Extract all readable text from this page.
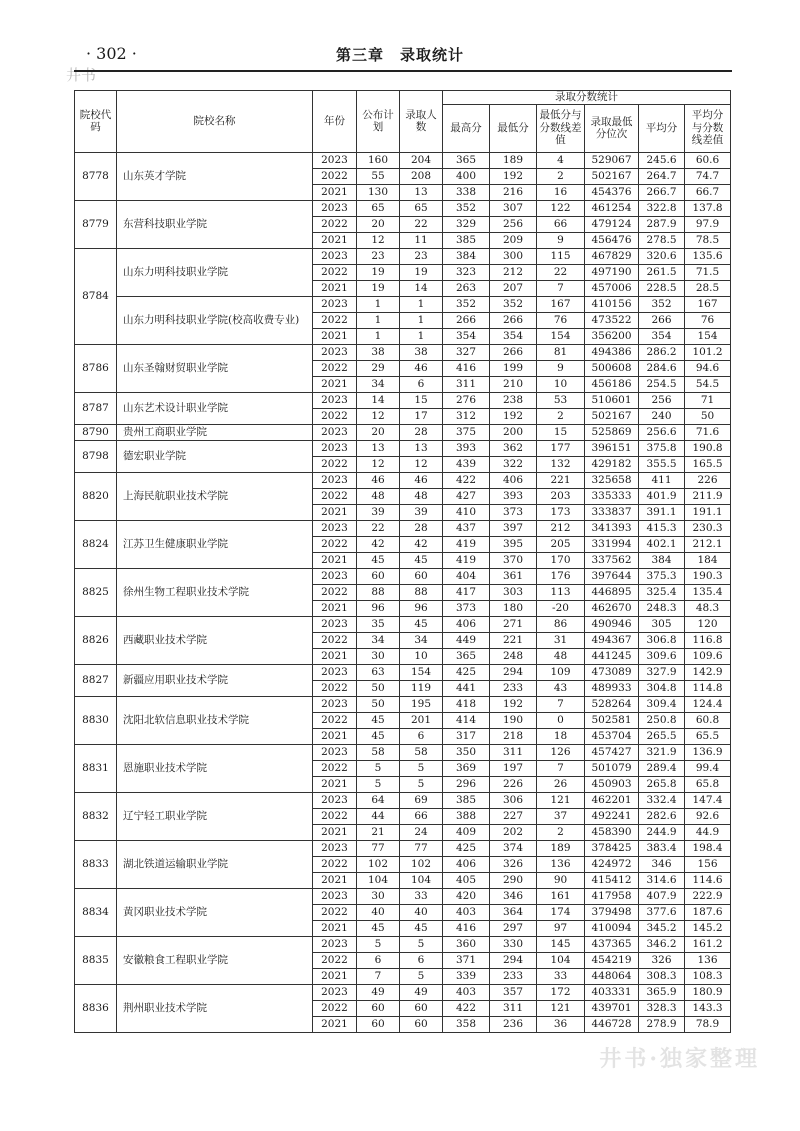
· 302 ·	第三章　录取统计
井书
院校代码	院校名称	年份	公布计划	录取人数	录取分数统计					
					最高分	最低分	最低分与分数线差值	录取最低分位次	平均分	平均分与分数线差值
8778	山东英才学院	2023	160	204	365	189	4	529067	245.6	60.6
		2022	55	208	400	192	2	502167	264.7	74.7
		2021	130	13	338	216	16	454376	266.7	66.7
8779	东营科技职业学院	2023	65	65	352	307	122	461254	322.8	137.8
		2022	20	22	329	256	66	479124	287.9	97.9
		2021	12	11	385	209	9	456476	278.5	78.5
8784	山东力明科技职业学院	2023	23	23	384	300	115	467829	320.6	135.6
		2022	19	19	323	212	22	497190	261.5	71.5
		2021	19	14	263	207	7	457006	228.5	28.5
	山东力明科技职业学院(校高收费专业)	2023	1	1	352	352	167	410156	352	167
		2022	1	1	266	266	76	473522	266	76
		2021	1	1	354	354	154	356200	354	154
8786	山东圣翰财贸职业学院	2023	38	38	327	266	81	494386	286.2	101.2
		2022	29	46	416	199	9	500608	284.6	94.6
		2021	34	6	311	210	10	456186	254.5	54.5
8787	山东艺术设计职业学院	2023	14	15	276	238	53	510601	256	71
		2022	12	17	312	192	2	502167	240	50
8790	贵州工商职业学院	2023	20	28	375	200	15	525869	256.6	71.6
8798	德宏职业学院	2023	13	13	393	362	177	396151	375.8	190.8
		2022	12	12	439	322	132	429182	355.5	165.5
8820	上海民航职业技术学院	2023	46	46	422	406	221	325658	411	226
		2022	48	48	427	393	203	335333	401.9	211.9
		2021	39	39	410	373	173	333837	391.1	191.1
8824	江苏卫生健康职业学院	2023	22	28	437	397	212	341393	415.3	230.3
		2022	42	42	419	395	205	331994	402.1	212.1
		2021	45	45	419	370	170	337562	384	184
8825	徐州生物工程职业技术学院	2023	60	60	404	361	176	397644	375.3	190.3
		2022	88	88	417	303	113	446895	325.4	135.4
		2021	96	96	373	180	-20	462670	248.3	48.3
8826	西藏职业技术学院	2023	35	45	406	271	86	490946	305	120
		2022	34	34	449	221	31	494367	306.8	116.8
		2021	30	10	365	248	48	441245	309.6	109.6
8827	新疆应用职业技术学院	2023	63	154	425	294	109	473089	327.9	142.9
		2022	50	119	441	233	43	489933	304.8	114.8
8830	沈阳北软信息职业技术学院	2023	50	195	418	192	7	528264	309.4	124.4
		2022	45	201	414	190	0	502581	250.8	60.8
		2021	45	6	317	218	18	453704	265.5	65.5
8831	恩施职业技术学院	2023	58	58	350	311	126	457427	321.9	136.9
		2022	5	5	369	197	7	501079	289.4	99.4
		2021	5	5	296	226	26	450903	265.8	65.8
8832	辽宁轻工职业学院	2023	64	69	385	306	121	462201	332.4	147.4
		2022	44	66	388	227	37	492241	282.6	92.6
		2021	21	24	409	202	2	458390	244.9	44.9
8833	湖北铁道运输职业学院	2023	77	77	425	374	189	378425	383.4	198.4
		2022	102	102	406	326	136	424972	346	156
		2021	104	104	405	290	90	415412	314.6	114.6
8834	黄冈职业技术学院	2023	30	33	420	346	161	417958	407.9	222.9
		2022	40	40	403	364	174	379498	377.6	187.6
		2021	45	45	416	297	97	410094	345.2	145.2
8835	安徽粮食工程职业学院	2023	5	5	360	330	145	437365	346.2	161.2
		2022	6	6	371	294	104	454219	326	136
		2021	7	5	339	233	33	448064	308.3	108.3
8836	荆州职业技术学院	2023	49	49	403	357	172	403331	365.9	180.9
		2022	60	60	422	311	121	439701	328.3	143.3
		2021	60	60	358	236	36	446728	278.9	78.9
井书·独家整理
